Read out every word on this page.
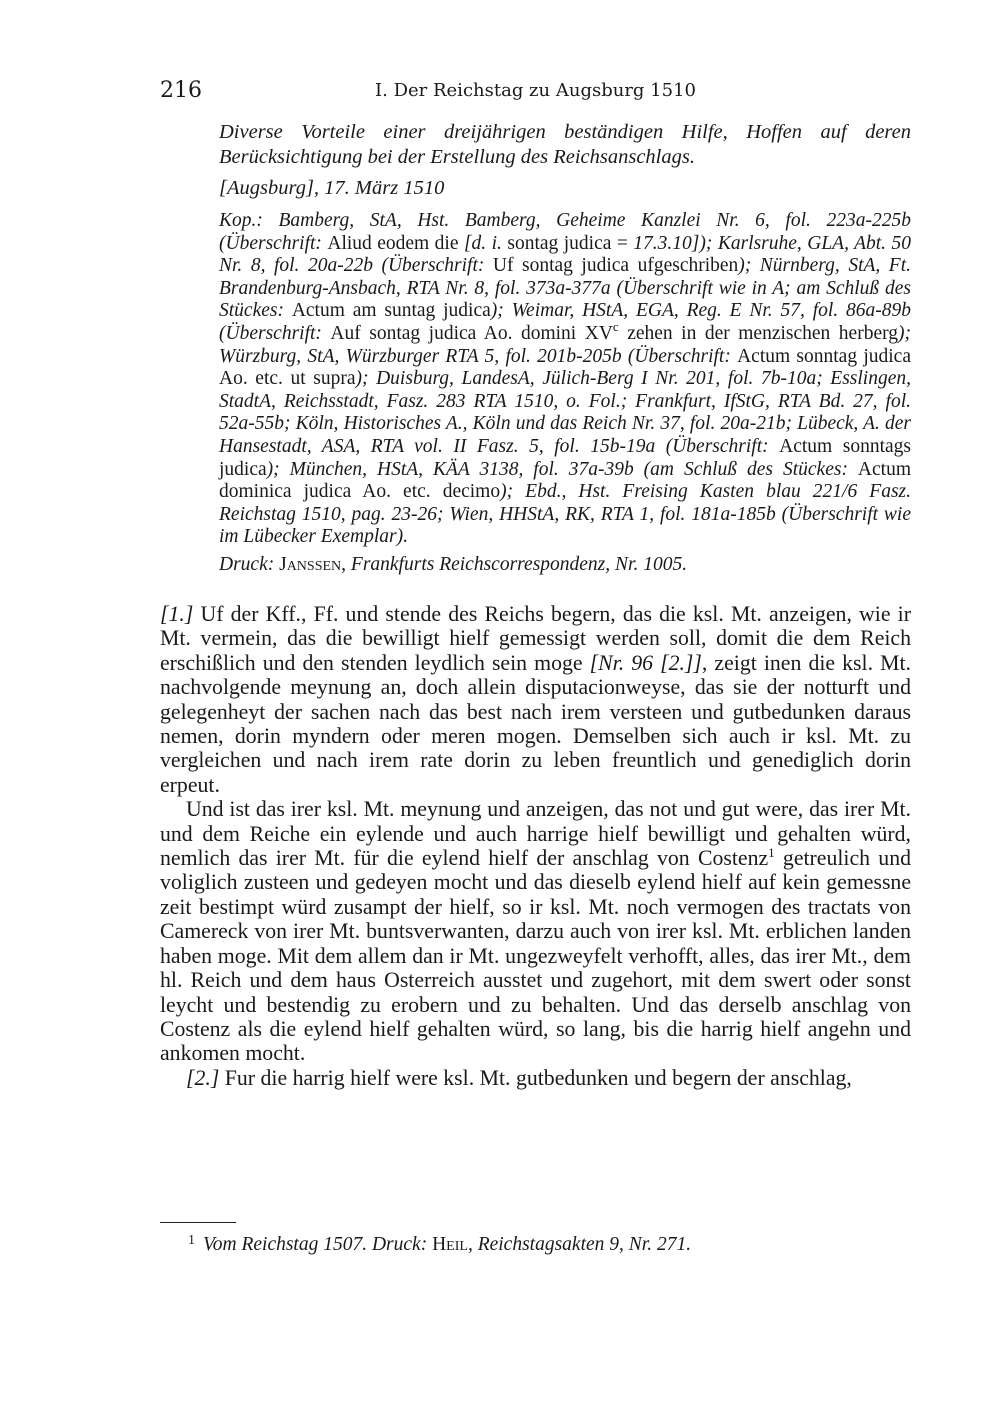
216	I. Der Reichstag zu Augsburg 1510

Diverse Vorteile einer dreijährigen beständigen Hilfe, Hoffen auf deren Berücksichtigung bei der Erstellung des Reichsanschlags.

[Augsburg], 17. März 1510

Kop.: Bamberg, StA, Hst. Bamberg, Geheime Kanzlei Nr. 6, fol. 223a-225b (Überschrift: Aliud eodem die [d. i. sontag judica = 17.3.10]); Karlsruhe, GLA, Abt. 50 Nr. 8, fol. 20a-22b (Überschrift: Uf sontag judica ufgeschriben); Nürnberg, StA, Ft. Brandenburg-Ansbach, RTA Nr. 8, fol. 373a-377a (Überschrift wie in A; am Schluß des Stückes: Actum am suntag judica); Weimar, HStA, EGA, Reg. E Nr. 57, fol. 86a-89b (Überschrift: Auf sontag judica Ao. domini $XV^c$ zehen in der menzischen herberg); Würzburg, StA, Würzburger RTA 5, fol. 201b-205b (Überschrift: Actum sonntag judica Ao. etc. ut supra); Duisburg, LandesA, Jülich-Berg I Nr. 201, fol. 7b-10a; Esslingen, StadtA, Reichsstadt, Fasz. 283 RTA 1510, o. Fol.; Frankfurt, IfStG, RTA Bd. 27, fol. 52a-55b; Köln, Historisches A., Köln und das Reich Nr. 37, fol. 20a-21b; Lübeck, A. der Hansestadt, ASA, RTA vol. II Fasz. 5, fol. 15b-19a (Überschrift: Actum sonntags judica); München, HStA, KÄA 3138, fol. 37a-39b (am Schluß des Stückes: Actum dominica judica Ao. etc. decimo); Ebd., Hst. Freising Kasten blau 221/6 Fasz. Reichstag 1510, pag. 23-26; Wien, HHStA, RK, RTA 1, fol. 181a-185b (Überschrift wie im Lübecker Exemplar).

Druck: Janssen, Frankfurts Reichscorrespondenz, Nr. 1005.

[1.] Uf der Kff., Ff. und stende des Reichs begern, das die ksl. Mt. anzeigen, wie ir Mt. vermein, das die bewilligt hielf gemessigt werden soll, domit die dem Reich erschißlich und den stenden leydlich sein moge [Nr. 96 [2.]], zeigt inen die ksl. Mt. nachvolgende meynung an, doch allein disputacionweyse, das sie der notturft und gelegenheyt der sachen nach das best nach irem versteen und gutbedunken daraus nemen, dorin myndern oder meren mogen. Demselben sich auch ir ksl. Mt. zu vergleichen und nach irem rate dorin zu leben freuntlich und genediglich dorin erpeut.

Und ist das irer ksl. Mt. meynung und anzeigen, das not und gut were, das irer Mt. und dem Reiche ein eylende und auch harrige hielf bewilligt und gehalten würd, nemlich das irer Mt. für die eylend hielf der anschlag von Costenz$^1$ getreulich und voliglich zusteen und gedeyen mocht und das dieselb eylend hielf auf kein gemessne zeit bestimpt würd zusampt der hielf, so ir ksl. Mt. noch vermogen des tractats von Camereck von irer Mt. buntsverwanten, darzu auch von irer ksl. Mt. erblichen landen haben moge. Mit dem allem dan ir Mt. ungezweyfelt verhofft, alles, das irer Mt., dem hl. Reich und dem haus Osterreich ausstet und zugehort, mit dem swert oder sonst leycht und bestendig zu erobern und zu behalten. Und das derselb anschlag von Costenz als die eylend hielf gehalten würd, so lang, bis die harrig hielf angehn und ankomen mocht.

[2.] Fur die harrig hielf were ksl. Mt. gutbedunken und begern der anschlag,

$^1$ Vom Reichstag 1507. Druck: Heil, Reichstagsakten 9, Nr. 271.
